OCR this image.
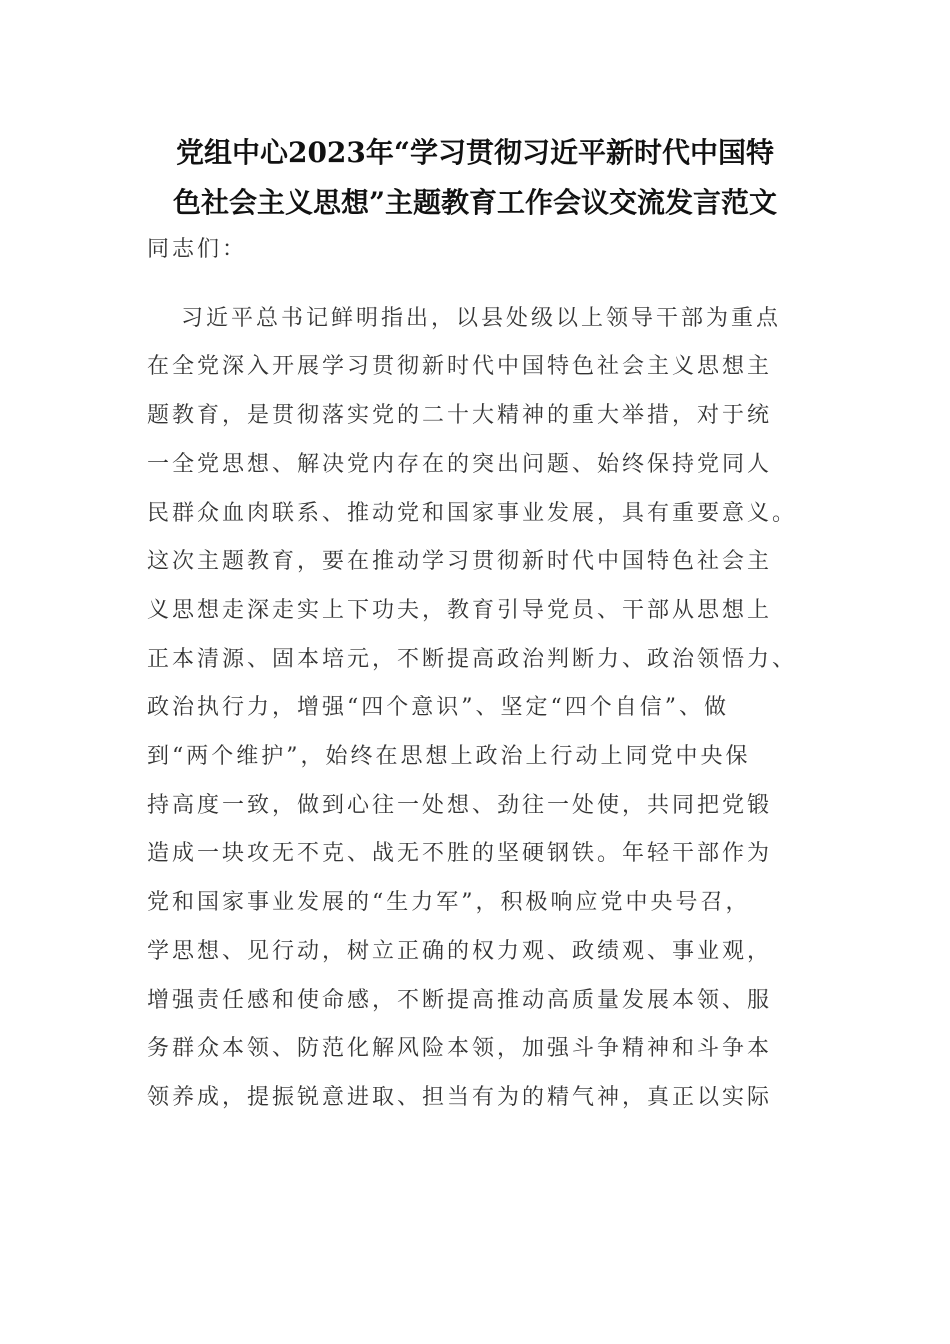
党组中心2023年“学习贯彻习近平新时代中国特
色社会主义思想”主题教育工作会议交流发言范文
同志们：
习近平总书记鲜明指出，以县处级以上领导干部为重点
在全党深入开展学习贯彻新时代中国特色社会主义思想主
题教育，是贯彻落实党的二十大精神的重大举措，对于统
一全党思想、解决党内存在的突出问题、始终保持党同人
民群众血肉联系、推动党和国家事业发展，具有重要意义。
这次主题教育，要在推动学习贯彻新时代中国特色社会主
义思想走深走实上下功夫，教育引导党员、干部从思想上
正本清源、固本培元，不断提高政治判断力、政治领悟力、
政治执行力，增强“四个意识”、坚定“四个自信”、做
到“两个维护”，始终在思想上政治上行动上同党中央保
持高度一致，做到心往一处想、劲往一处使，共同把党锻
造成一块攻无不克、战无不胜的坚硬钢铁。年轻干部作为
党和国家事业发展的“生力军”，积极响应党中央号召，
学思想、见行动，树立正确的权力观、政绩观、事业观，
增强责任感和使命感，不断提高推动高质量发展本领、服
务群众本领、防范化解风险本领，加强斗争精神和斗争本
领养成，提振锐意进取、担当有为的精气神，真正以实际
